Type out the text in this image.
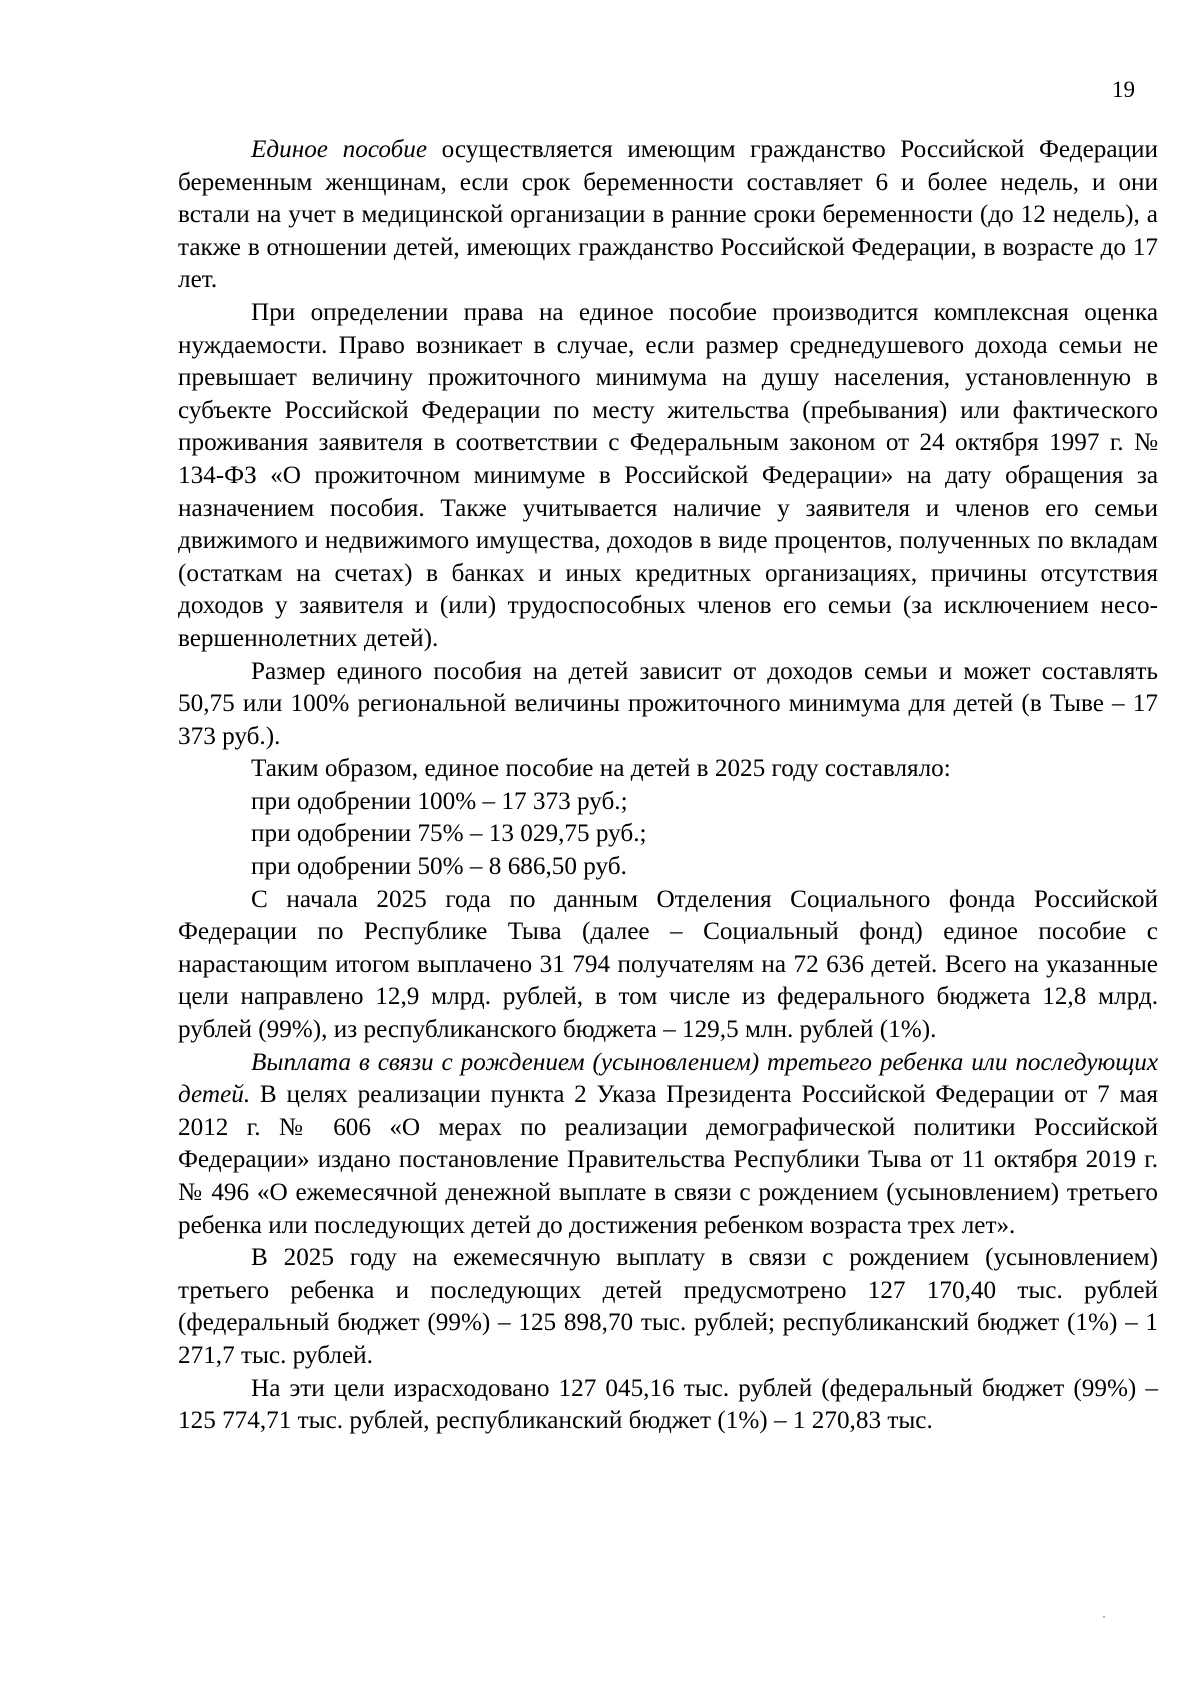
19

Единое пособие осуществляется имеющим гражданство Российской Федерации беременным женщинам, если срок беременности составляет 6 и более недель, и они встали на учет в медицинской организации в ранние сроки беременности (до 12 недель), а также в отношении детей, имеющих гражданство Российской Федерации, в возрасте до 17 лет.

При определении права на единое пособие производится комплексная оценка нуждаемости. Право возникает в случае, если размер среднедушевого дохода семьи не превышает величину прожиточного минимума на душу населения, установленную в субъекте Российской Федерации по месту жительства (пребывания) или фактического проживания заявителя в соответствии с Федеральным законом от 24 октября 1997 г. № 134-ФЗ «О прожиточном минимуме в Российской Федерации» на дату обращения за назначением пособия. Также учитывается наличие у заявителя и членов его семьи движимого и недвижимого имущества, доходов в виде процентов, полученных по вкладам (остаткам на счетах) в банках и иных кредитных организациях, причины отсутствия доходов у заявителя и (или) трудоспособных членов его семьи (за исключением несовершеннолетних детей).

Размер единого пособия на детей зависит от доходов семьи и может составлять 50,75 или 100% региональной величины прожиточного минимума для детей (в Тыве – 17 373 руб.).

Таким образом, единое пособие на детей в 2025 году составляло:

при одобрении 100% – 17 373 руб.;

при одобрении 75% – 13 029,75 руб.;

при одобрении 50% – 8 686,50 руб.

С начала 2025 года по данным Отделения Социального фонда Российской Федерации по Республике Тыва (далее – Социальный фонд) единое пособие с нарастающим итогом выплачено 31 794 получателям на 72 636 детей. Всего на указанные цели направлено 12,9 млрд. рублей, в том числе из федерального бюджета 12,8 млрд. рублей (99%), из республиканского бюджета – 129,5 млн. рублей (1%).

Выплата в связи с рождением (усыновлением) третьего ребенка или последующих детей. В целях реализации пункта 2 Указа Президента Российской Федерации от 7 мая 2012 г. № 606 «О мерах по реализации демографической политики Российской Федерации» издано постановление Правительства Республики Тыва от 11 октября 2019 г. № 496 «О ежемесячной денежной выплате в связи с рождением (усыновлением) третьего ребенка или последующих детей до достижения ребенком возраста трех лет».

В 2025 году на ежемесячную выплату в связи с рождением (усыновлением) третьего ребенка и последующих детей предусмотрено 127 170,40 тыс. рублей (федеральный бюджет (99%) – 125 898,70 тыс. рублей; республиканский бюджет (1%) – 1 271,7 тыс. рублей.

На эти цели израсходовано 127 045,16 тыс. рублей (федеральный бюджет (99%) – 125 774,71 тыс. рублей, республиканский бюджет (1%) – 1 270,83 тыс.
